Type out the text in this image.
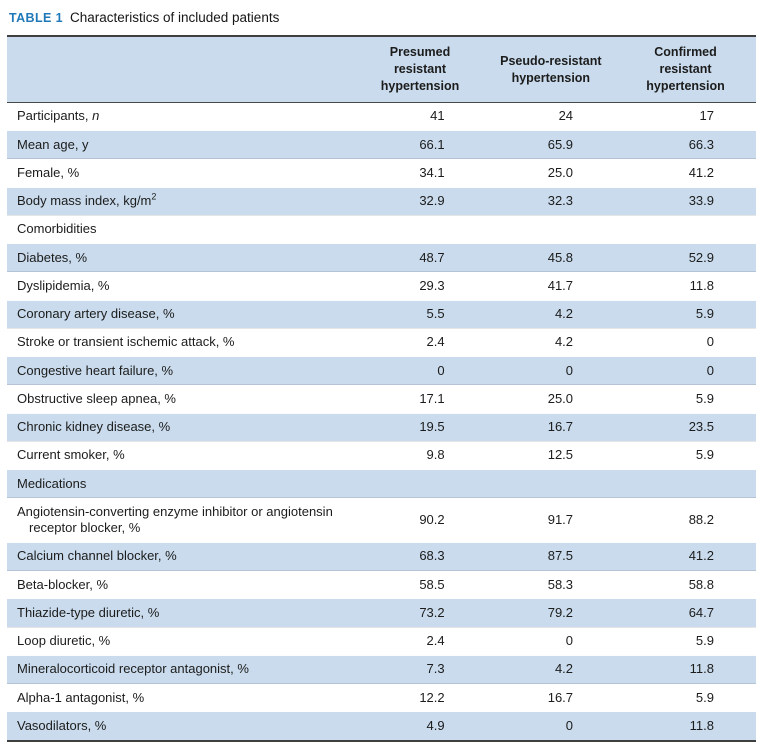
TABLE 1 Characteristics of included patients
	Presumed resistant hypertension	Pseudo-resistant hypertension	Confirmed resistant hypertension
Participants, n	41	24	17
Mean age, y	66.1	65.9	66.3
Female, %	34.1	25.0	41.2
Body mass index, $kg/m^2$	32.9	32.3	33.9
Comorbidities			
Diabetes, %	48.7	45.8	52.9
Dyslipidemia, %	29.3	41.7	11.8
Coronary artery disease, %	5.5	4.2	5.9
Stroke or transient ischemic attack, %	2.4	4.2	0
Congestive heart failure, %	0	0	0
Obstructive sleep apnea, %	17.1	25.0	5.9
Chronic kidney disease, %	19.5	16.7	23.5
Current smoker, %	9.8	12.5	5.9
Medications			
Angiotensin-converting enzyme inhibitor or angiotensin receptor blocker, %	90.2	91.7	88.2
Calcium channel blocker, %	68.3	87.5	41.2
Beta-blocker, %	58.5	58.3	58.8
Thiazide-type diuretic, %	73.2	79.2	64.7
Loop diuretic, %	2.4	0	5.9
Mineralocorticoid receptor antagonist, %	7.3	4.2	11.8
Alpha-1 antagonist, %	12.2	16.7	5.9
Vasodilators, %	4.9	0	11.8
